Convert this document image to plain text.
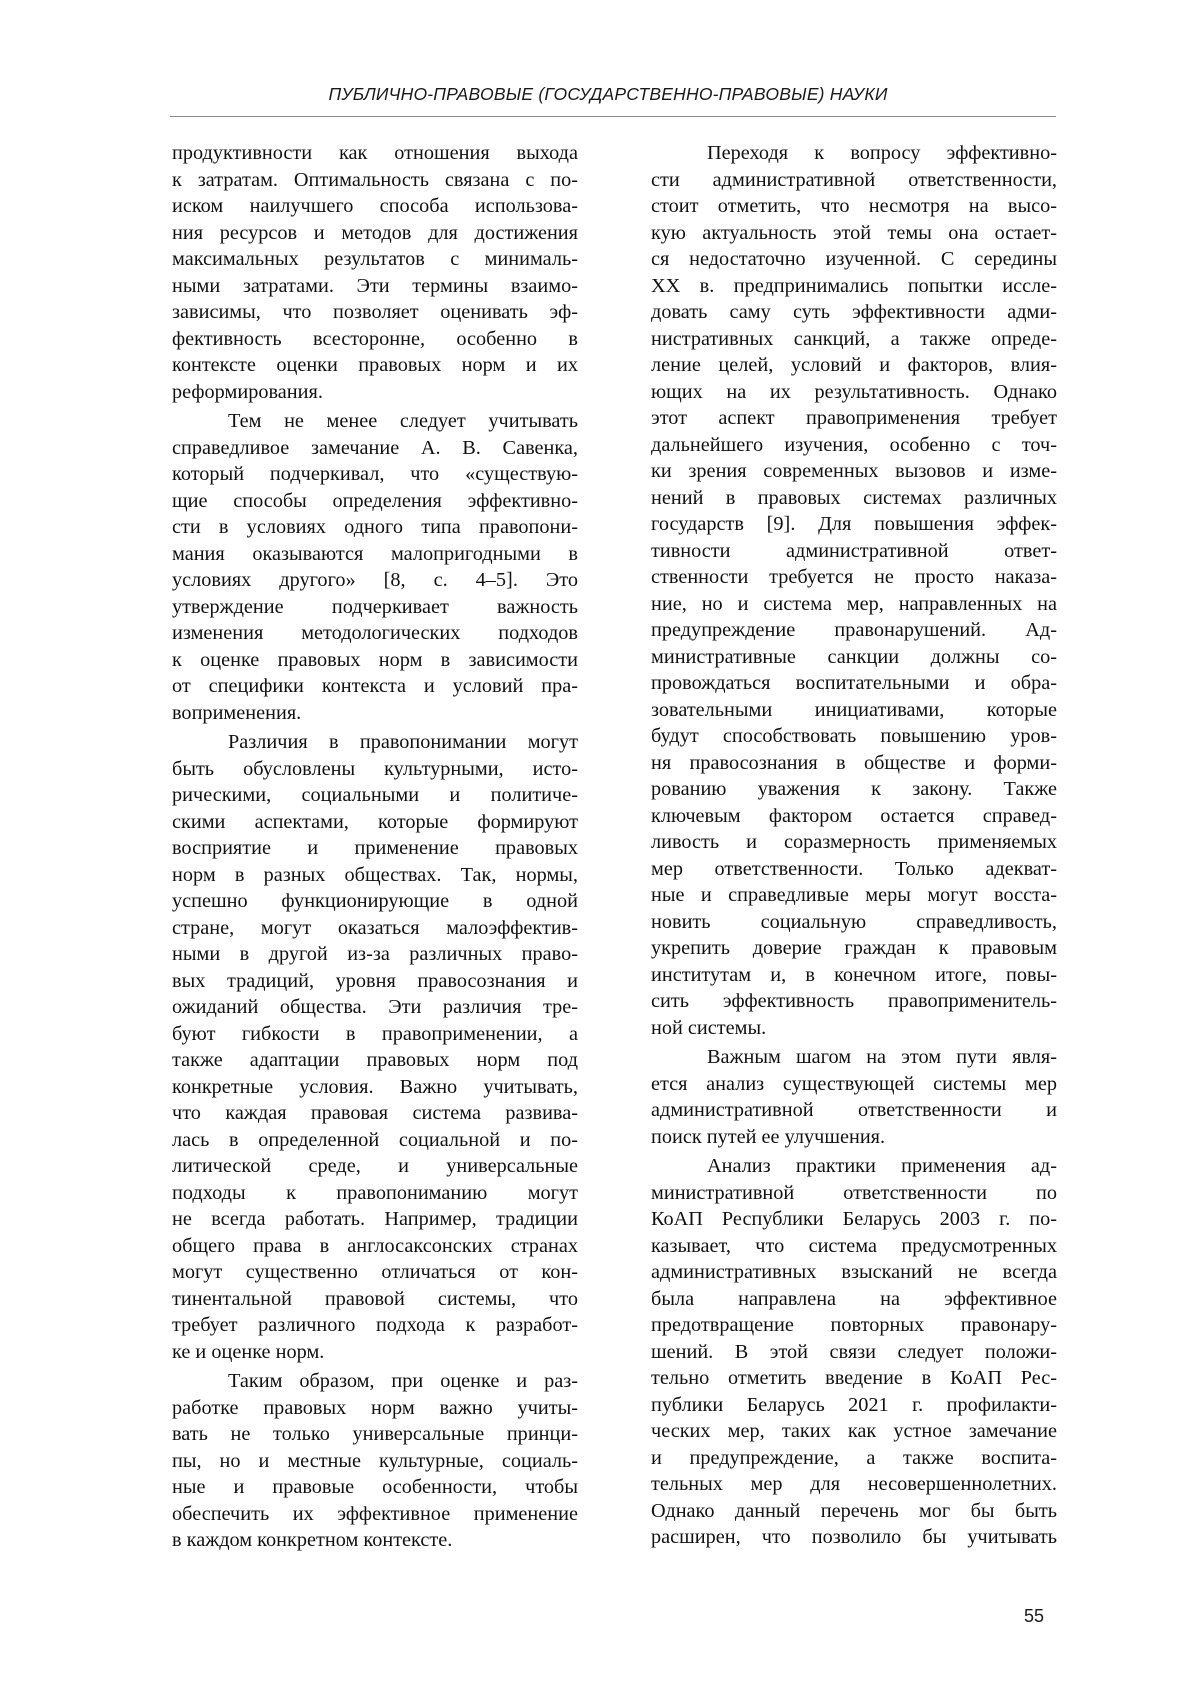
ПУБЛИЧНО-ПРАВОВЫЕ (ГОСУДАРСТВЕННО-ПРАВОВЫЕ) НАУКИ
продуктивности как отношения выхода
к затратам. Оптимальность связана с по-
иском наилучшего способа использова-
ния ресурсов и методов для достижения
максимальных результатов с минималь-
ными затратами. Эти термины взаимо-
зависимы, что позволяет оценивать эф-
фективность всесторонне, особенно в
контексте оценки правовых норм и их
реформирования.
Тем не менее следует учитывать
справедливое замечание А. В. Савенка,
который подчеркивал, что «существую-
щие способы определения эффективно-
сти в условиях одного типа правопони-
мания оказываются малопригодными в
условиях другого» [8, с. 4–5]. Это
утверждение подчеркивает важность
изменения методологических подходов
к оценке правовых норм в зависимости
от специфики контекста и условий пра-
воприменения.
Различия в правопонимании могут
быть обусловлены культурными, исто-
рическими, социальными и политиче-
скими аспектами, которые формируют
восприятие и применение правовых
норм в разных обществах. Так, нормы,
успешно функционирующие в одной
стране, могут оказаться малоэффектив-
ными в другой из-за различных право-
вых традиций, уровня правосознания и
ожиданий общества. Эти различия тре-
буют гибкости в правоприменении, а
также адаптации правовых норм под
конкретные условия. Важно учитывать,
что каждая правовая система развива-
лась в определенной социальной и по-
литической среде, и универсальные
подходы к правопониманию могут
не всегда работать. Например, традиции
общего права в англосаксонских странах
могут существенно отличаться от кон-
тинентальной правовой системы, что
требует различного подхода к разработ-
ке и оценке норм.
Таким образом, при оценке и раз-
работке правовых норм важно учиты-
вать не только универсальные принци-
пы, но и местные культурные, социаль-
ные и правовые особенности, чтобы
обеспечить их эффективное применение
в каждом конкретном контексте.
Переходя к вопросу эффективно-
сти административной ответственности,
стоит отметить, что несмотря на высо-
кую актуальность этой темы она остает-
ся недостаточно изученной. С середины
XX в. предпринимались попытки иссле-
довать саму суть эффективности адми-
нистративных санкций, а также опреде-
ление целей, условий и факторов, влия-
ющих на их результативность. Однако
этот аспект правоприменения требует
дальнейшего изучения, особенно с точ-
ки зрения современных вызовов и изме-
нений в правовых системах различных
государств [9]. Для повышения эффек-
тивности административной ответ-
ственности требуется не просто наказа-
ние, но и система мер, направленных на
предупреждение правонарушений. Ад-
министративные санкции должны со-
провождаться воспитательными и обра-
зовательными инициативами, которые
будут способствовать повышению уров-
ня правосознания в обществе и форми-
рованию уважения к закону. Также
ключевым фактором остается справед-
ливость и соразмерность применяемых
мер ответственности. Только адекват-
ные и справедливые меры могут восста-
новить социальную справедливость,
укрепить доверие граждан к правовым
институтам и, в конечном итоге, повы-
сить эффективность правоприменитель-
ной системы.
Важным шагом на этом пути явля-
ется анализ существующей системы мер
административной ответственности и
поиск путей ее улучшения.
Анализ практики применения ад-
министративной ответственности по
КоАП Республики Беларусь 2003 г. по-
казывает, что система предусмотренных
административных взысканий не всегда
была направлена на эффективное
предотвращение повторных правонару-
шений. В этой связи следует положи-
тельно отметить введение в КоАП Рес-
публики Беларусь 2021 г. профилакти-
ческих мер, таких как устное замечание
и предупреждение, а также воспита-
тельных мер для несовершеннолетних.
Однако данный перечень мог бы быть
расширен, что позволило бы учитывать
55
